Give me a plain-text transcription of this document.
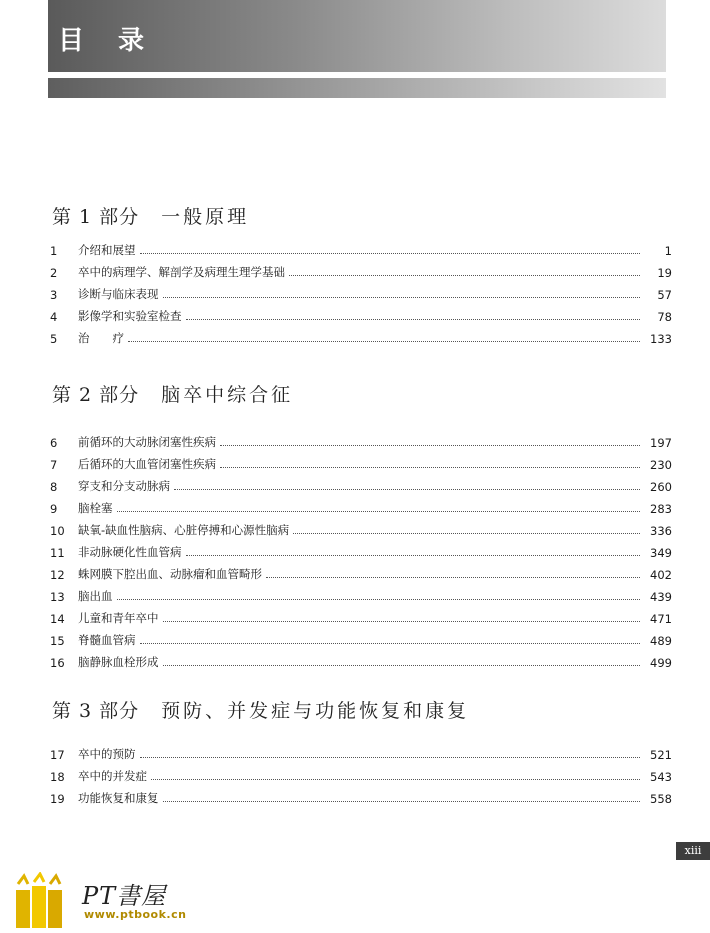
目录
第 1 部分 一般原理
1	介绍和展望	1
2	卒中的病理学、解剖学及病理生理学基础	19
3	诊断与临床表现	57
4	影像学和实验室检查	78
5	治　　疗	133
第 2 部分 脑卒中综合征
6	前循环的大动脉闭塞性疾病	197
7	后循环的大血管闭塞性疾病	230
8	穿支和分支动脉病	260
9	脑栓塞	283
10	缺氧-缺血性脑病、心脏停搏和心源性脑病	336
11	非动脉硬化性血管病	349
12	蛛网膜下腔出血、动脉瘤和血管畸形	402
13	脑出血	439
14	儿童和青年卒中	471
15	脊髓血管病	489
16	脑静脉血栓形成	499
第 3 部分 预防、并发症与功能恢复和康复
17	卒中的预防	521
18	卒中的并发症	543
19	功能恢复和康复	558
xiii
PT書屋
www.ptbook.cn
